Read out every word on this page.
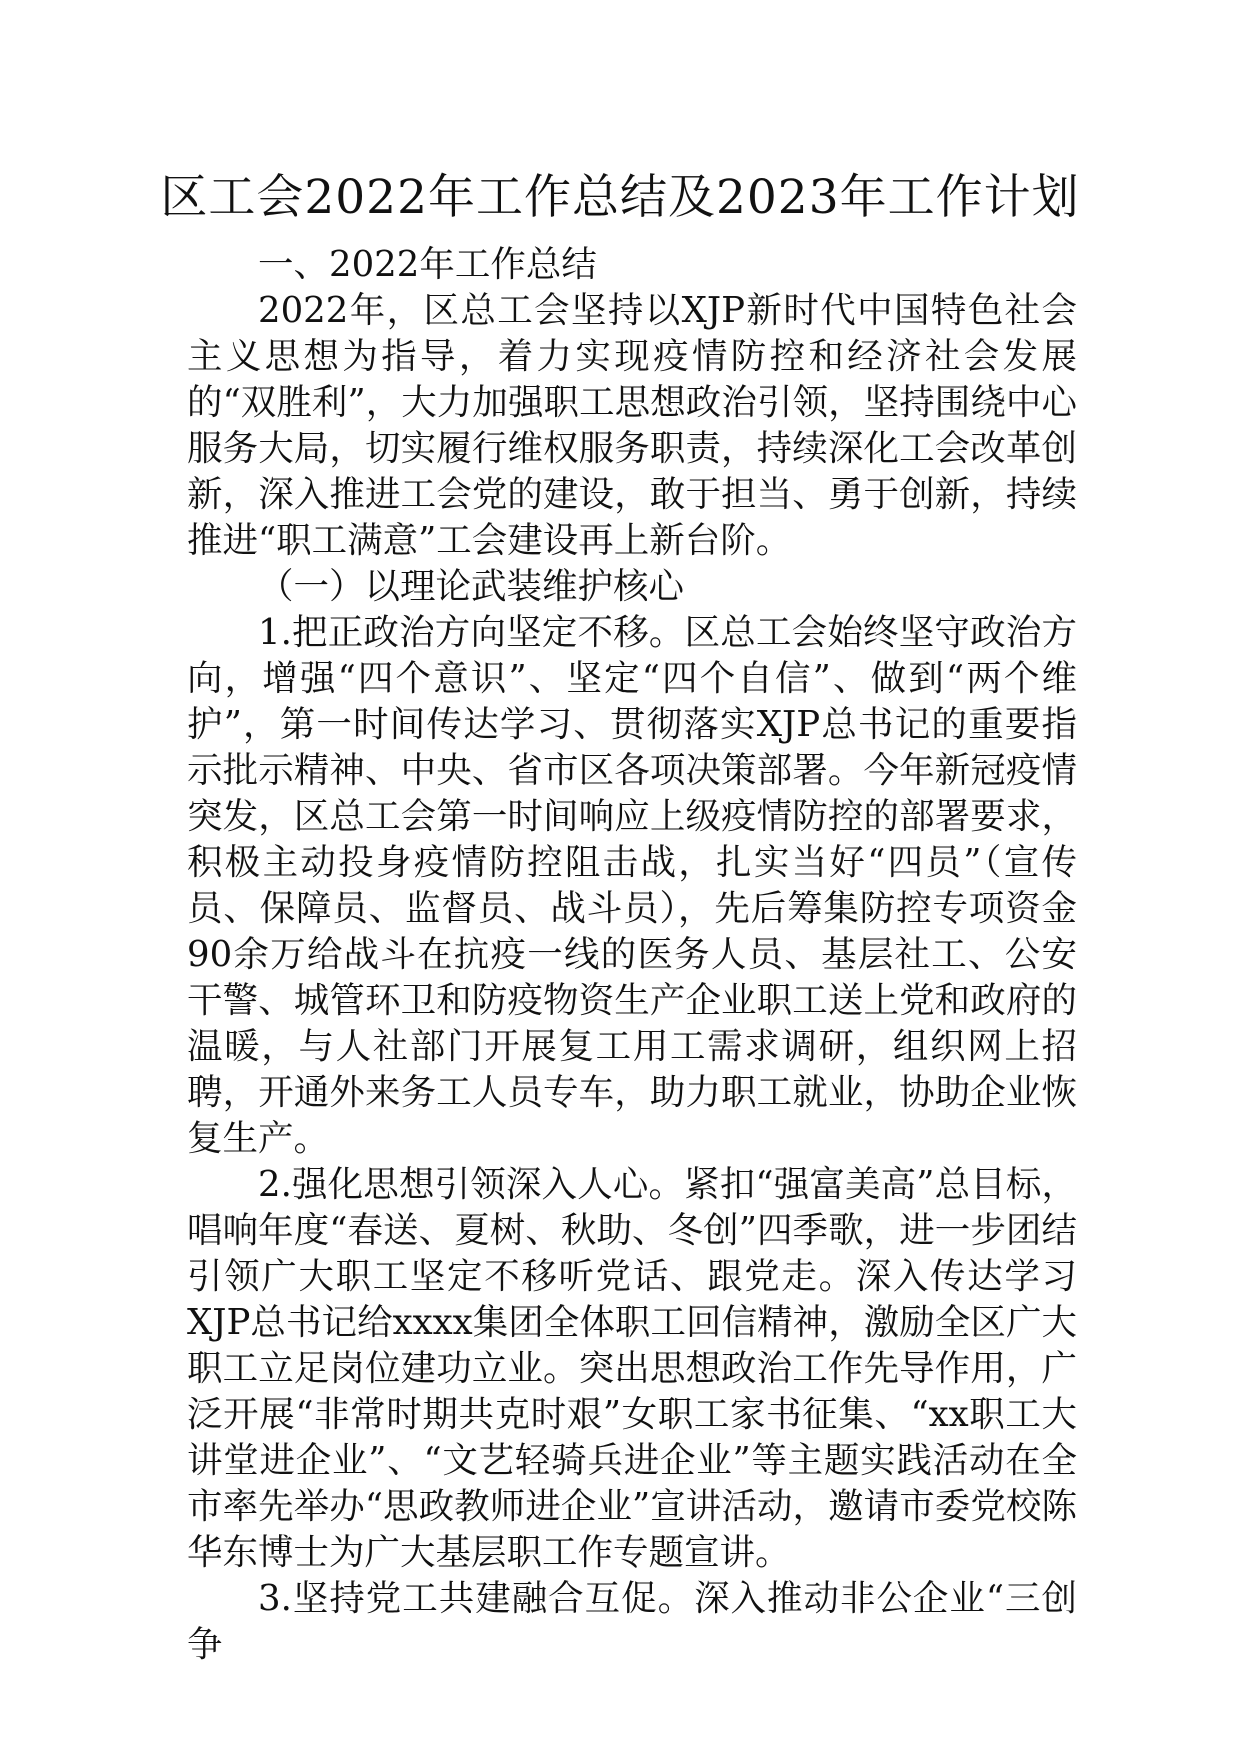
区工会2022年工作总结及2023年工作计划

一、2022年工作总结

2022年，区总工会坚持以XJP新时代中国特色社会主义思想为指导，着力实现疫情防控和经济社会发展的“双胜利”，大力加强职工思想政治引领，坚持围绕中心服务大局，切实履行维权服务职责，持续深化工会改革创新，深入推进工会党的建设，敢于担当、勇于创新，持续推进“职工满意”工会建设再上新台阶。

（一）以理论武装维护核心

1.把正政治方向坚定不移。区总工会始终坚守政治方向，增强“四个意识”、坚定“四个自信”、做到“两个维护”，第一时间传达学习、贯彻落实XJP总书记的重要指示批示精神、中央、省市区各项决策部署。今年新冠疫情突发，区总工会第一时间响应上级疫情防控的部署要求，积极主动投身疫情防控阻击战，扎实当好“四员”（宣传员、保障员、监督员、战斗员），先后筹集防控专项资金90余万给战斗在抗疫一线的医务人员、基层社工、公安干警、城管环卫和防疫物资生产企业职工送上党和政府的温暖，与人社部门开展复工用工需求调研，组织网上招聘，开通外来务工人员专车，助力职工就业，协助企业恢复生产。

2.强化思想引领深入人心。紧扣“强富美高”总目标，唱响年度“春送、夏树、秋助、冬创”四季歌，进一步团结引领广大职工坚定不移听党话、跟党走。深入传达学习XJP总书记给xxxx集团全体职工回信精神，激励全区广大职工立足岗位建功立业。突出思想政治工作先导作用，广泛开展“非常时期共克时艰”女职工家书征集、“xx职工大讲堂进企业”、“文艺轻骑兵进企业”等主题实践活动在全市率先举办“思政教师进企业”宣讲活动，邀请市委党校陈华东博士为广大基层职工作专题宣讲。

3.坚持党工共建融合互促。深入推动非公企业“三创争
